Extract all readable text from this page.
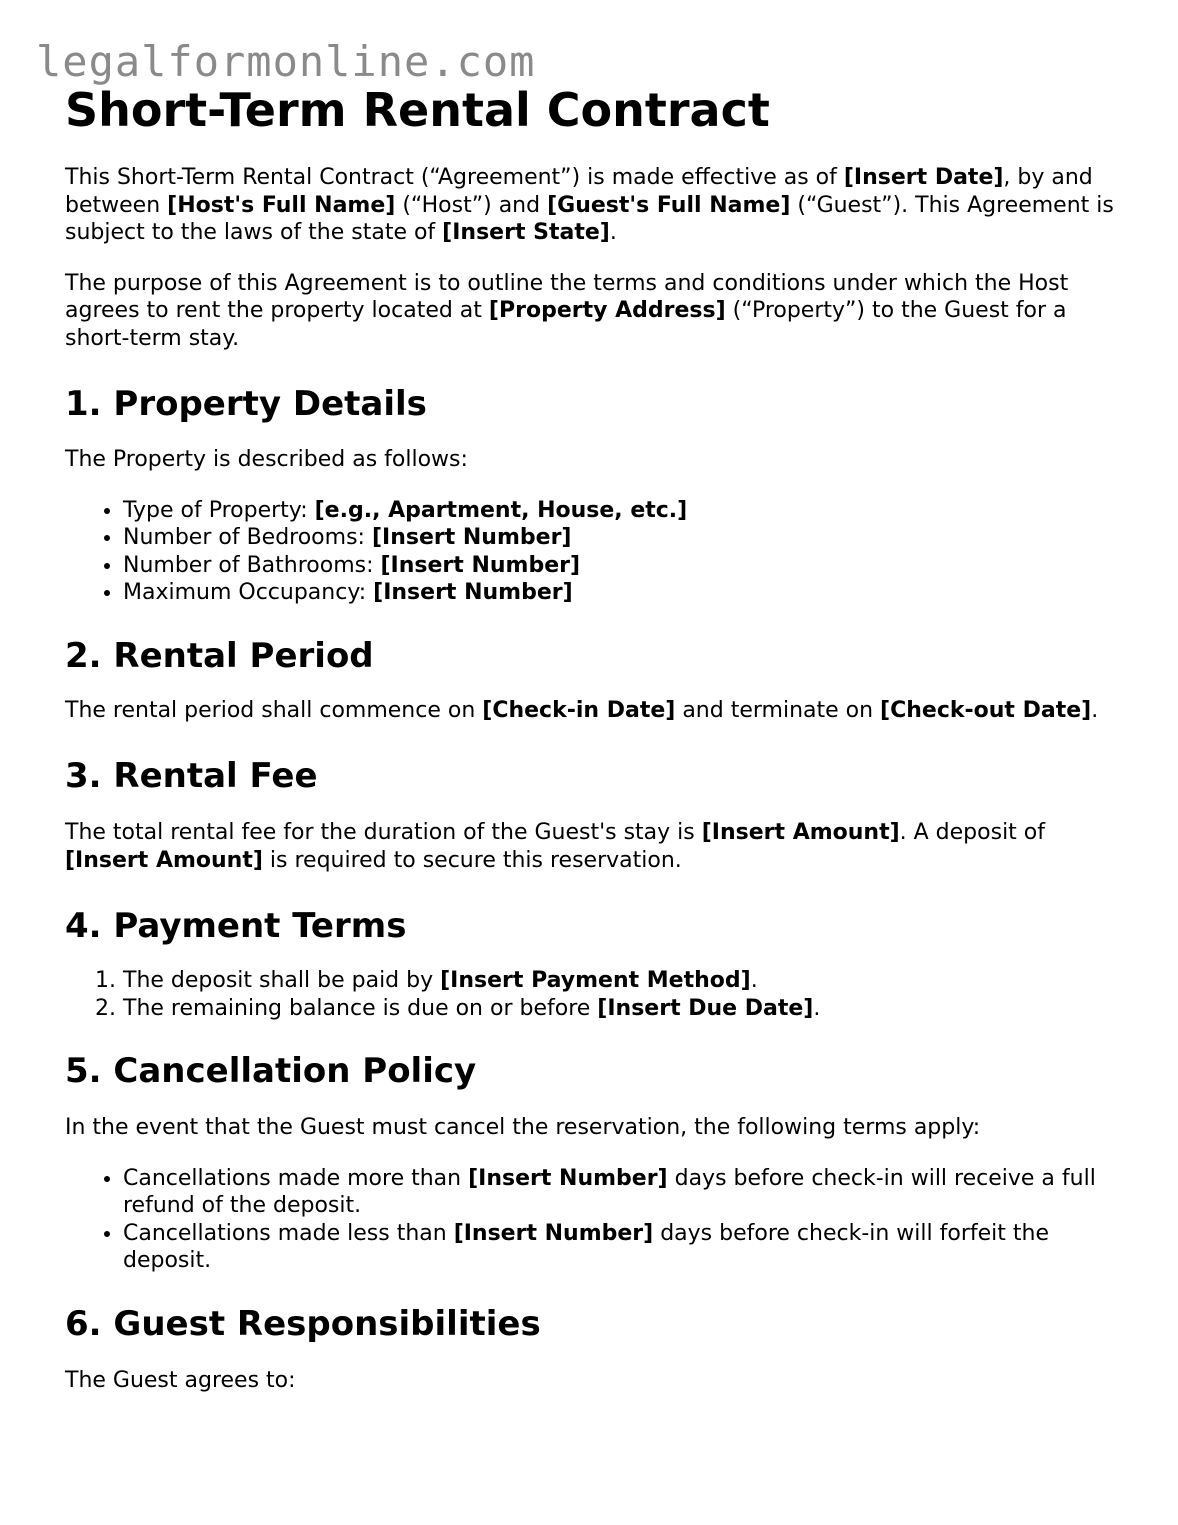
legalformonline.com
Short-Term Rental Contract

This Short-Term Rental Contract (“Agreement”) is made effective as of [Insert Date], by and between [Host's Full Name] (“Host”) and [Guest's Full Name] (“Guest”). This Agreement is subject to the laws of the state of [Insert State].

The purpose of this Agreement is to outline the terms and conditions under which the Host agrees to rent the property located at [Property Address] (“Property”) to the Guest for a short-term stay.

1. Property Details

The Property is described as follows:

• Type of Property: [e.g., Apartment, House, etc.]
• Number of Bedrooms: [Insert Number]
• Number of Bathrooms: [Insert Number]
• Maximum Occupancy: [Insert Number]
2. Rental Period

The rental period shall commence on [Check-in Date] and terminate on [Check-out Date].

3. Rental Fee

The total rental fee for the duration of the Guest's stay is [Insert Amount]. A deposit of [Insert Amount] is required to secure this reservation.

4. Payment Terms
1. The deposit shall be paid by [Insert Payment Method].
2. The remaining balance is due on or before [Insert Due Date].
5. Cancellation Policy

In the event that the Guest must cancel the reservation, the following terms apply:

• Cancellations made more than [Insert Number] days before check-in will receive a full refund of the deposit.
• Cancellations made less than [Insert Number] days before check-in will forfeit the deposit.
6. Guest Responsibilities

The Guest agrees to:
